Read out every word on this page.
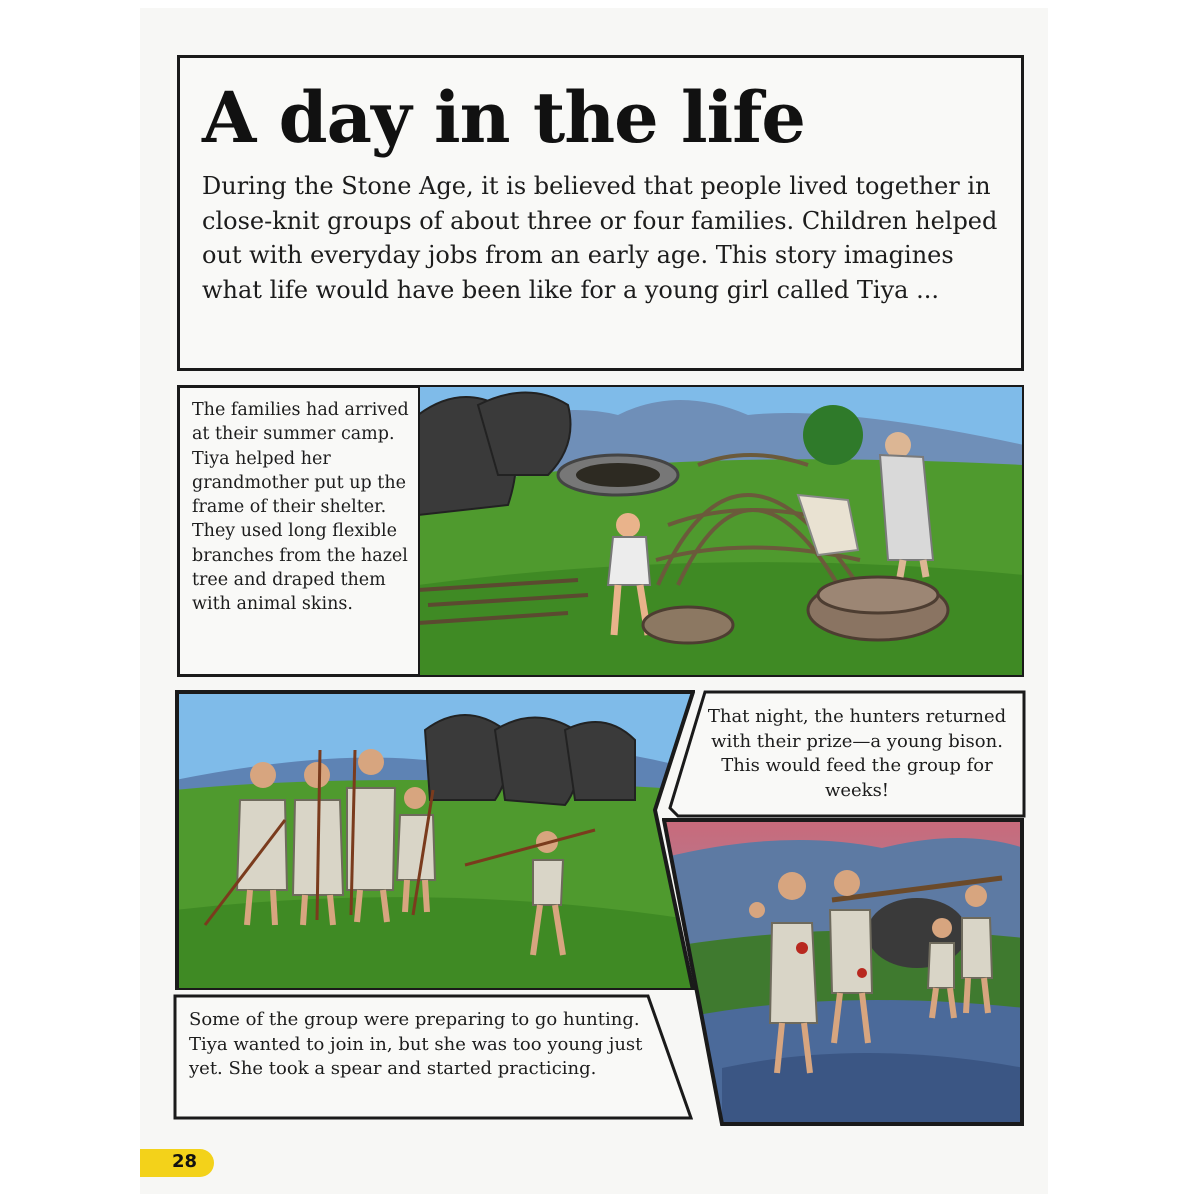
A day in the life

During the Stone Age, it is believed that people lived together in close-knit groups of about three or four families. Children helped out with everyday jobs from an early age. This story imagines what life would have been like for a young girl called Tiya ...

The families had arrived at their summer camp. Tiya helped her grandmother put up the frame of their shelter. They used long flexible branches from the hazel tree and draped them with animal skins.

Some of the group were preparing to go hunting. Tiya wanted to join in, but she was too young just yet. She took a spear and started practicing.

That night, the hunters returned with their prize—a young bison. This would feed the group for weeks!

28
